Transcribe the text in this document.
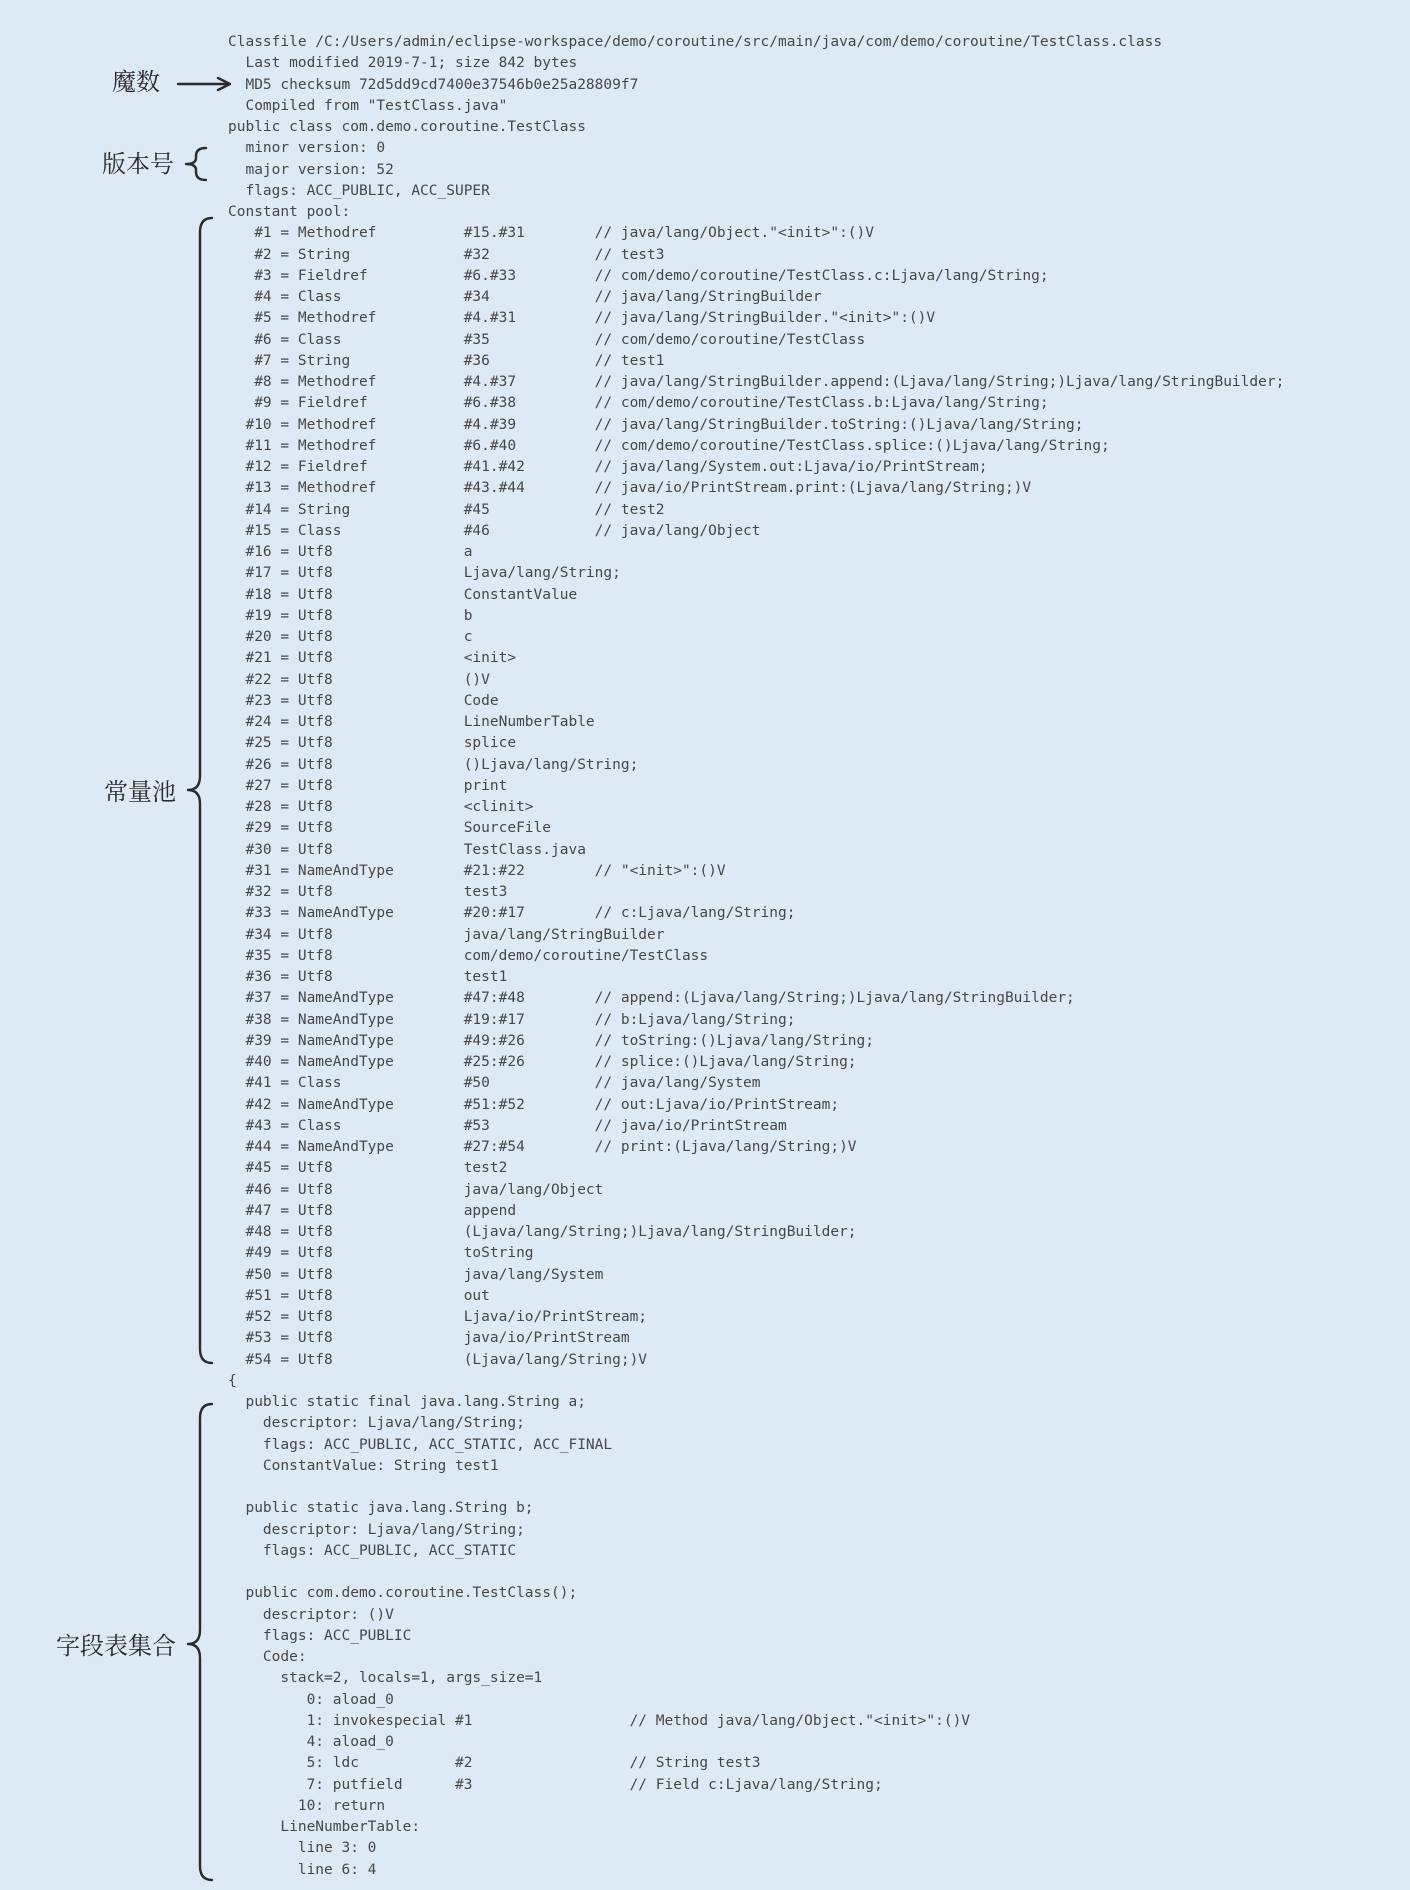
Classfile /C:/Users/admin/eclipse-workspace/demo/coroutine/src/main/java/com/demo/coroutine/TestClass.class
Last modified 2019-7-1; size 842 bytes
MD5 checksum 72d5dd9cd7400e37546b0e25a28809f7
Compiled from "TestClass.java"
public class com.demo.coroutine.TestClass
minor version: 0
major version: 52
flags: ACC_PUBLIC, ACC_SUPER
Constant pool:
#1 = Methodref          #15.#31        // java/lang/Object."<init>":()V
#2 = String             #32            // test3
#3 = Fieldref           #6.#33         // com/demo/coroutine/TestClass.c:Ljava/lang/String;
#4 = Class              #34            // java/lang/StringBuilder
#5 = Methodref          #4.#31         // java/lang/StringBuilder."<init>":()V
#6 = Class              #35            // com/demo/coroutine/TestClass
#7 = String             #36            // test1
#8 = Methodref          #4.#37         // java/lang/StringBuilder.append:(Ljava/lang/String;)Ljava/lang/StringBuilder;
#9 = Fieldref           #6.#38         // com/demo/coroutine/TestClass.b:Ljava/lang/String;
#10 = Methodref          #4.#39         // java/lang/StringBuilder.toString:()Ljava/lang/String;
#11 = Methodref          #6.#40         // com/demo/coroutine/TestClass.splice:()Ljava/lang/String;
#12 = Fieldref           #41.#42        // java/lang/System.out:Ljava/io/PrintStream;
#13 = Methodref          #43.#44        // java/io/PrintStream.print:(Ljava/lang/String;)V
#14 = String             #45            // test2
#15 = Class              #46            // java/lang/Object
#16 = Utf8               a
#17 = Utf8               Ljava/lang/String;
#18 = Utf8               ConstantValue
#19 = Utf8               b
#20 = Utf8               c
#21 = Utf8               <init>
#22 = Utf8               ()V
#23 = Utf8               Code
#24 = Utf8               LineNumberTable
#25 = Utf8               splice
#26 = Utf8               ()Ljava/lang/String;
#27 = Utf8               print
#28 = Utf8               <clinit>
#29 = Utf8               SourceFile
#30 = Utf8               TestClass.java
#31 = NameAndType        #21:#22        // "<init>":()V
#32 = Utf8               test3
#33 = NameAndType        #20:#17        // c:Ljava/lang/String;
#34 = Utf8               java/lang/StringBuilder
#35 = Utf8               com/demo/coroutine/TestClass
#36 = Utf8               test1
#37 = NameAndType        #47:#48        // append:(Ljava/lang/String;)Ljava/lang/StringBuilder;
#38 = NameAndType        #19:#17        // b:Ljava/lang/String;
#39 = NameAndType        #49:#26        // toString:()Ljava/lang/String;
#40 = NameAndType        #25:#26        // splice:()Ljava/lang/String;
#41 = Class              #50            // java/lang/System
#42 = NameAndType        #51:#52        // out:Ljava/io/PrintStream;
#43 = Class              #53            // java/io/PrintStream
#44 = NameAndType        #27:#54        // print:(Ljava/lang/String;)V
#45 = Utf8               test2
#46 = Utf8               java/lang/Object
#47 = Utf8               append
#48 = Utf8               (Ljava/lang/String;)Ljava/lang/StringBuilder;
#49 = Utf8               toString
#50 = Utf8               java/lang/System
#51 = Utf8               out
#52 = Utf8               Ljava/io/PrintStream;
#53 = Utf8               java/io/PrintStream
#54 = Utf8               (Ljava/lang/String;)V
{
public static final java.lang.String a;
descriptor: Ljava/lang/String;
flags: ACC_PUBLIC, ACC_STATIC, ACC_FINAL
ConstantValue: String test1

public static java.lang.String b;
descriptor: Ljava/lang/String;
flags: ACC_PUBLIC, ACC_STATIC

public com.demo.coroutine.TestClass();
descriptor: ()V
flags: ACC_PUBLIC
Code:
stack=2, locals=1, args_size=1
0: aload_0
1: invokespecial #1                  // Method java/lang/Object."<init>":()V
4: aload_0
5: ldc           #2                  // String test3
7: putfield      #3                  // Field c:Ljava/lang/String;
10: return
LineNumberTable:
line 3: 0
line 6: 4
魔数
版本号
常量池
字段表集合
